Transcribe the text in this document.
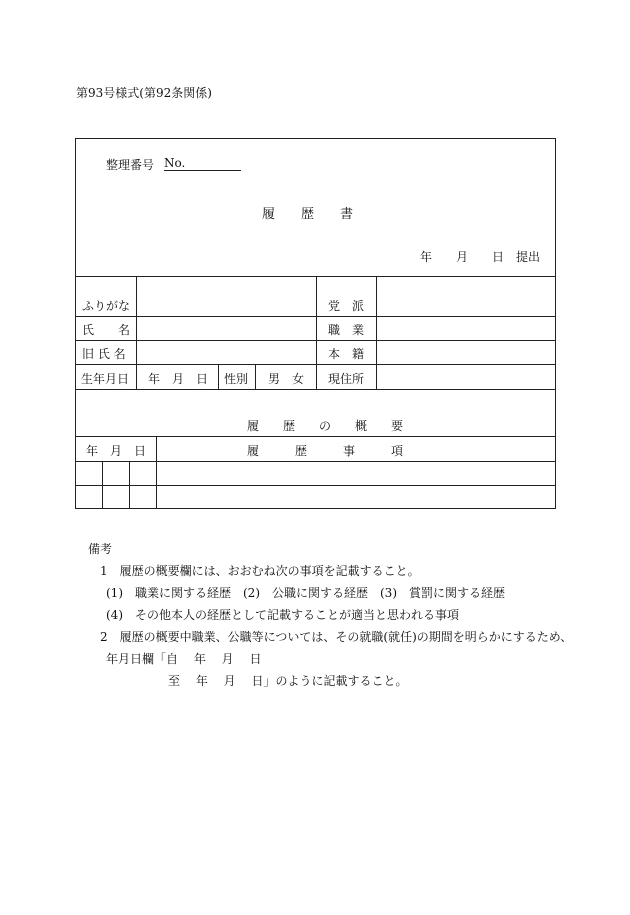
第93号様式(第92条関係)
整理番号 No.
履　　歴　　書
年　　月　　日　提出
ふりがな	党　派
氏　　名	職　業
旧 氏 名	本　籍
生年月日 年　月　日 性別 男　女 現住所
履　　歴　　の　　概　　要
年　月　日	履　　　歴　　　事　　　項
備考
1　履歴の概要欄には、おおむね次の事項を記載すること。
(1)　職業に関する経歴　(2)　公職に関する経歴　(3)　賞罰に関する経歴
(4)　その他本人の経歴として記載することが適当と思われる事項
2　履歴の概要中職業、公職等については、その就職(就任)の期間を明らかにするため、
年月日欄「自　 年　 月　 日
至　 年　 月　 日」のように記載すること。
